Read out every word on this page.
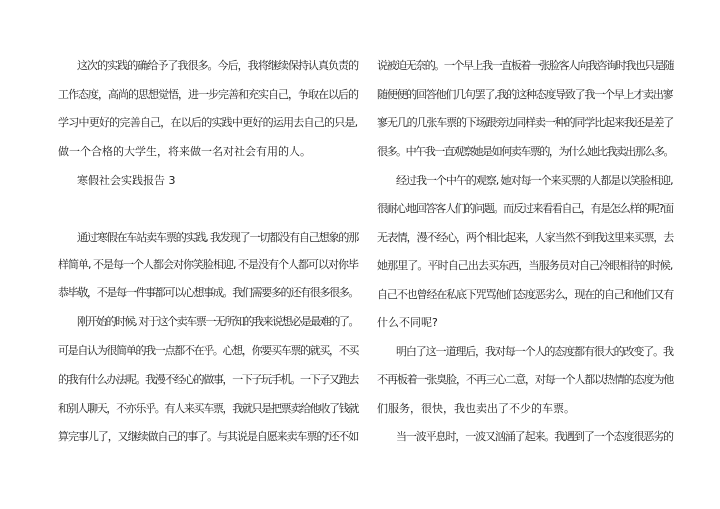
这次的实践的确给予了我很多。今后，我将继续保持认真负责的
工作态度，高尚的思想觉悟，进一步完善和充实自己，争取在以后的
学习中更好的完善自己，在以后的实践中更好的运用去自己的只是,
做一个合格的大学生，将来做一名对社会有用的人。
寒假社会实践报告 3
通过寒假在车站卖车票的实践, 我发现了一切都没有自己想象的那
样简单, 不是每一个人都会对你笑脸相迎, 不是没有个人都可以对你毕
恭毕敬，不是每一件事都可以心想事成。我们需要多的还有很多很多。
刚开始的时候, 对于这个卖车票一无所知的我来说想必是最难的了。
可是自认为很简单的我一点都不在乎。心想，你要买车票的就买，不买
的我有什么办法呢。我漫不经心的做事，一下子玩手机。一下子又跑去
和别人聊天，不亦乐乎。有人来买车票，我就只是把票卖给他收了钱就
算完事儿了，又继续做自己的事了。与其说是自愿来卖车票的'还不如
说被迫无奈的。一个早上我一直板着一张脸客人向我咨询时我也只是随
随便便的回答他们几句罢了,我的这种态度导致了我一个早上才卖出寥
寥无几的几张车票的下场跟旁边同样卖一种的同学比起来我还是差了
很多。中午我一直观察她是如何卖车票的，为什么她比我卖出那么多。
经过我一个中午的观察, 她对每一个来买票的人都是以笑脸相迎,
很耐心地回答客人们的问题。而反过来看看自己，有是怎么样的呢?面
无表情，漫不经心，两个相比起来，人家当然不到我这里来买票，去
她那里了。平时自己出去买东西，当服务员对自己冷眼相待的时候,
自己不也曾经在私底下咒骂他们态度恶劣么，现在的自己和他们又有
什么不同呢?
明白了这一道理后，我对每一个人的态度都有很大的改变了。我
不再板着一张臭脸，不再三心二意，对每一个人都以热情的态度为他
们服务，很快，我也卖出了不少的车票。
当一波平息时，一波又汹涌了起来。我遇到了一个态度很恶劣的
